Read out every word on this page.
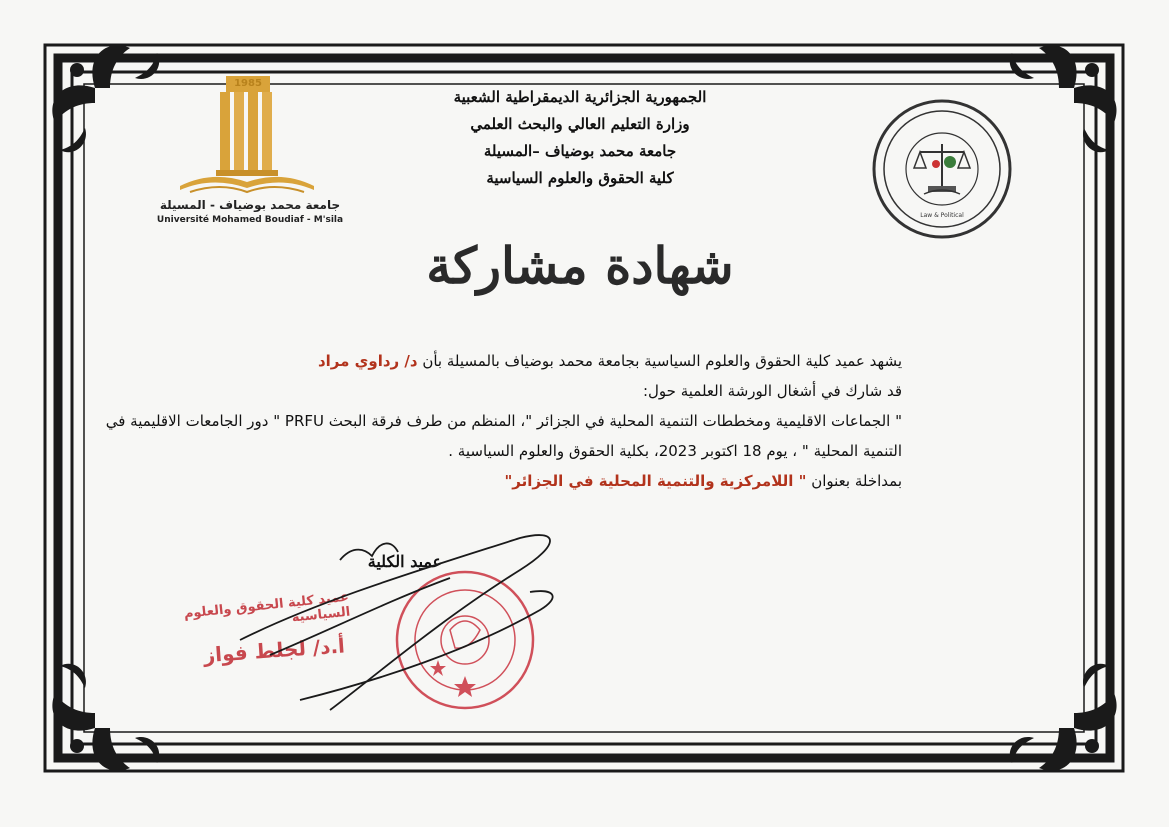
1985
جامعة محمد بوضياف - المسيلة
Université Mohamed Boudiaf - M'sila
الجمهورية الجزائرية الديمقراطية الشعبية
وزارة التعليم العالي والبحث العلمي
جامعة محمد بوضياف –المسيلة
كلية الحقوق والعلوم السياسية
Law & Political
شهادة مشاركة
يشهد عميد كلية الحقوق والعلوم السياسية بجامعة محمد بوضياف بالمسيلة بأن د/ رداوي مراد
قد شارك في أشغال الورشة العلمية حول:
" الجماعات الاقليمية ومخططات التنمية المحلية في الجزائر "، المنظم من طرف فرقة البحث PRFU " دور الجامعات الاقليمية في
التنمية المحلية " ، يوم 18 اكتوبر 2023، بكلية الحقوق والعلوم السياسية .
بمداخلة بعنوان " اللامركزية والتنمية المحلية في الجزائر"
عميد الكلية
عميد كلية الحقوق والعلوم السياسية
أ.د/ لجلط فواز
